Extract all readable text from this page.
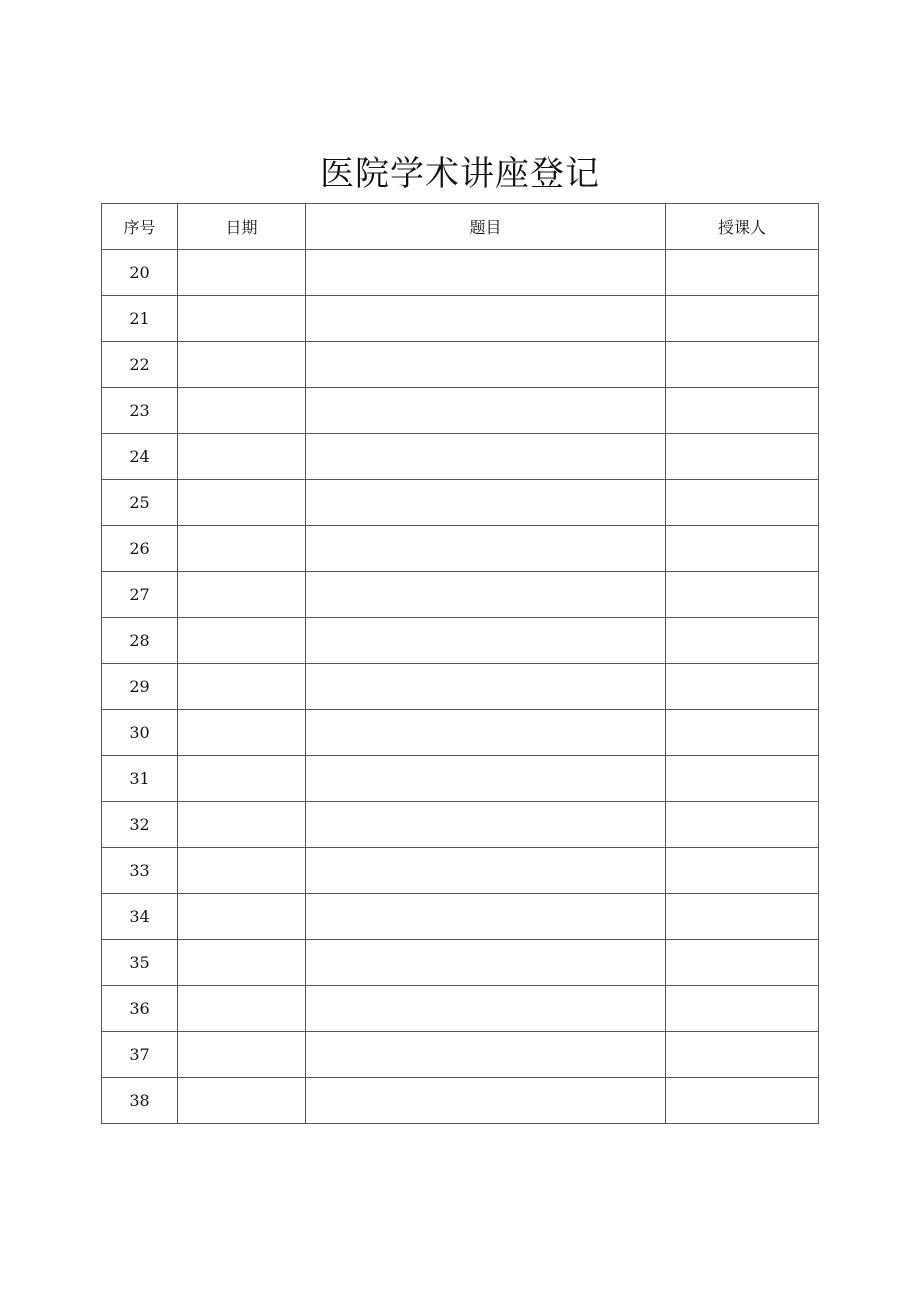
医院学术讲座登记
序号	日期	题目	授课人
20			
21			
22			
23			
24			
25			
26			
27			
28			
29			
30			
31			
32			
33			
34			
35			
36			
37			
38			
